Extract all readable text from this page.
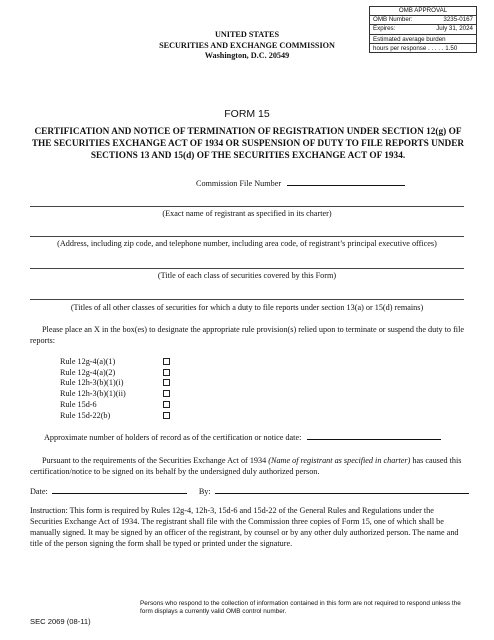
OMB APPROVAL
OMB Number:	3235-0167
Expires:	July 31, 2024
Estimated average burden
hours per response . . . . . 1.50
UNITED STATES
SECURITIES AND EXCHANGE COMMISSION
Washington, D.C. 20549
FORM 15
CERTIFICATION AND NOTICE OF TERMINATION OF REGISTRATION UNDER SECTION 12(g) OF THE SECURITIES EXCHANGE ACT OF 1934 OR SUSPENSION OF DUTY TO FILE REPORTS UNDER SECTIONS 13 AND 15(d) OF THE SECURITIES EXCHANGE ACT OF 1934.
Commission File Number
(Exact name of registrant as specified in its charter)
(Address, including zip code, and telephone number, including area code, of registrant’s principal executive offices)
(Title of each class of securities covered by this Form)
(Titles of all other classes of securities for which a duty to file reports under section 13(a) or 15(d) remains)
Please place an X in the box(es) to designate the appropriate rule provision(s) relied upon to terminate or suspend the duty to file reports:
Rule 12g-4(a)(1)
Rule 12g-4(a)(2)
Rule 12h-3(b)(1)(i)
Rule 12h-3(b)(1)(ii)
Rule 15d-6
Rule 15d-22(b)
Approximate number of holders of record as of the certification or notice date:
Pursuant to the requirements of the Securities Exchange Act of 1934 (Name of registrant as specified in charter) has caused this certification/notice to be signed on its behalf by the undersigned duly authorized person.
Date:	By:
Instruction: This form is required by Rules 12g-4, 12h-3, 15d-6 and 15d-22 of the General Rules and Regulations under the Securities Exchange Act of 1934. The registrant shall file with the Commission three copies of Form 15, one of which shall be manually signed. It may be signed by an officer of the registrant, by counsel or by any other duly authorized person. The name and title of the person signing the form shall be typed or printed under the signature.
Persons who respond to the collection of information contained in this form are not required to respond unless the form displays a currently valid OMB control number.
SEC 2069 (08-11)
